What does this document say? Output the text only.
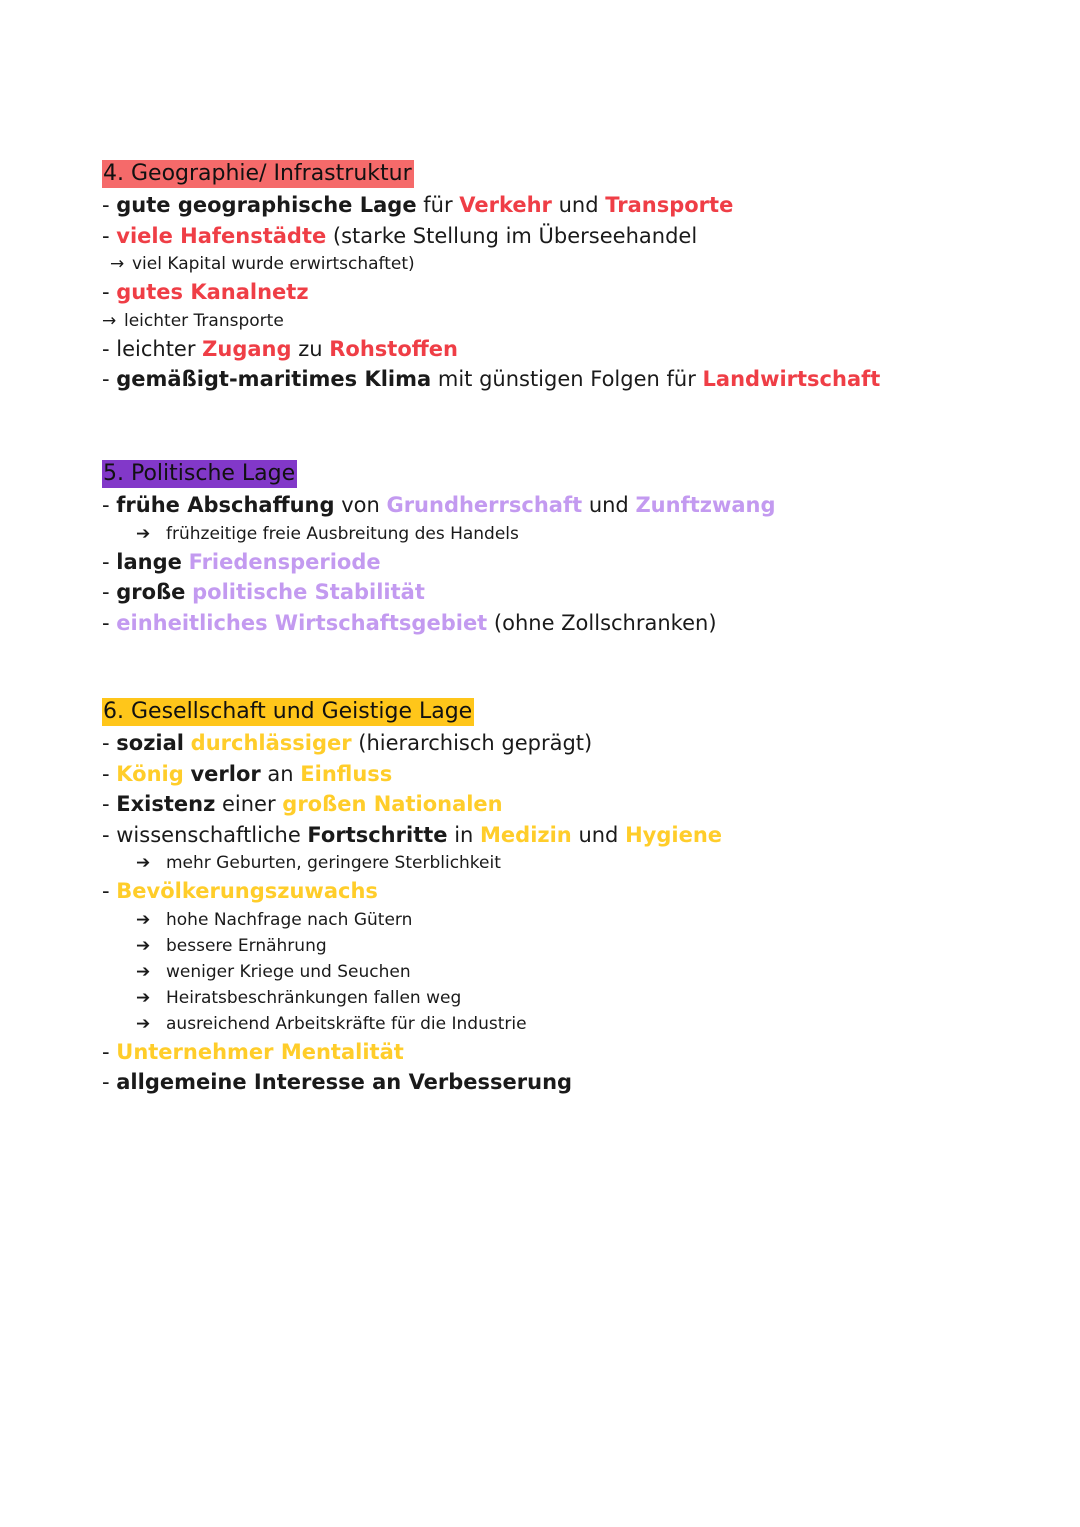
4. Geographie/ Infrastruktur
- gute geographische Lage für Verkehr und Transporte
- viele Hafenstädte (starke Stellung im Überseehandel
→ viel Kapital wurde erwirtschaftet)
- gutes Kanalnetz
→ leichter Transporte
- leichter Zugang zu Rohstoffen
- gemäßigt-maritimes Klima mit günstigen Folgen für Landwirtschaft
5. Politische Lage
- frühe Abschaffung von Grundherrschaft und Zunftzwang
➔ frühzeitige freie Ausbreitung des Handels
- lange Friedensperiode
- große politische Stabilität
- einheitliches Wirtschaftsgebiet (ohne Zollschranken)
6. Gesellschaft und Geistige Lage
- sozial durchlässiger (hierarchisch geprägt)
- König verlor an Einfluss
- Existenz einer großen Nationalen
- wissenschaftliche Fortschritte in Medizin und Hygiene
➔ mehr Geburten, geringere Sterblichkeit
- Bevölkerungszuwachs
➔ hohe Nachfrage nach Gütern
➔ bessere Ernährung
➔ weniger Kriege und Seuchen
➔ Heiratsbeschränkungen fallen weg
➔ ausreichend Arbeitskräfte für die Industrie
- Unternehmer Mentalität
- allgemeine Interesse an Verbesserung
